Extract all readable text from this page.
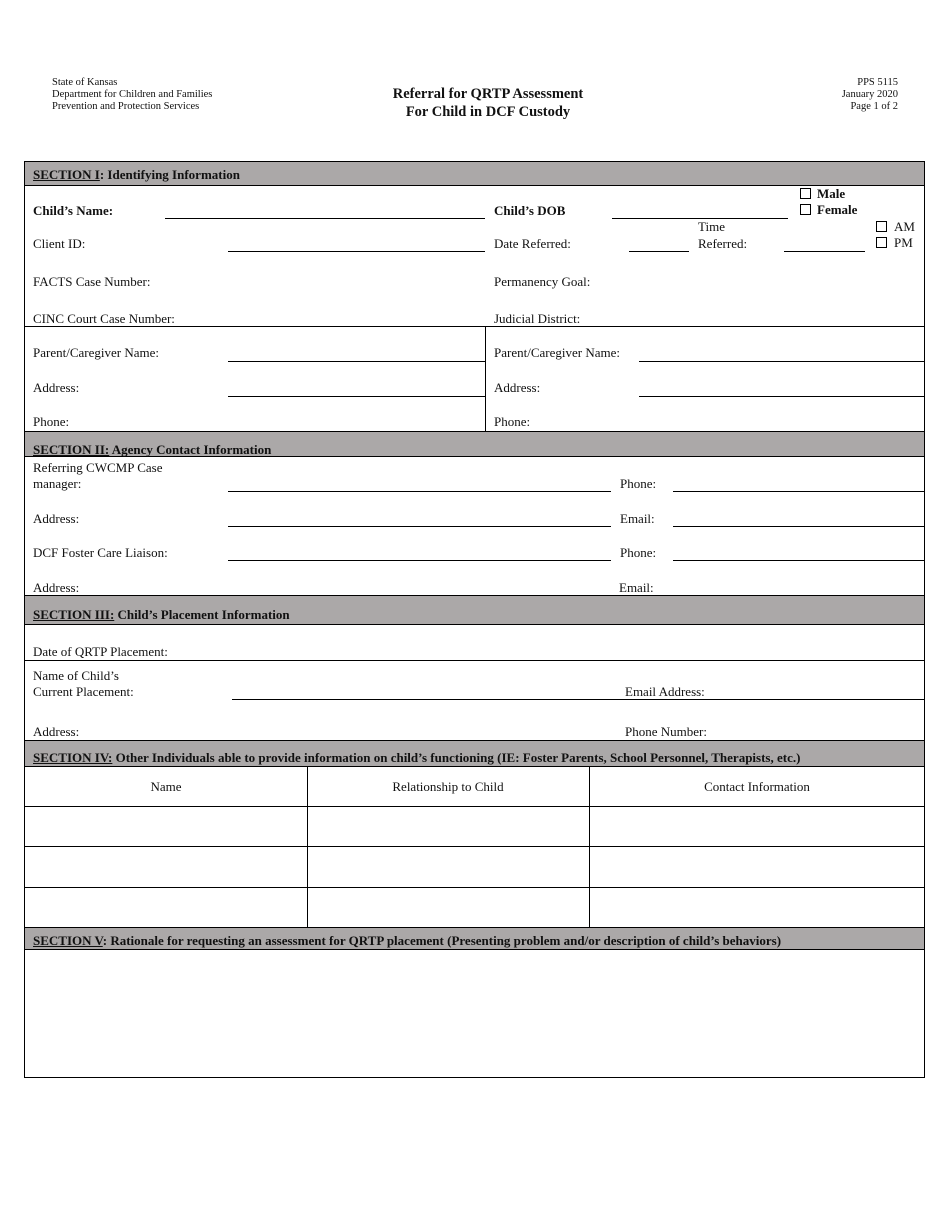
State of Kansas
Department for Children and Families
Prevention and Protection Services
Referral for QRTP Assessment
For Child in DCF Custody
PPS 5115
January 2020
Page 1 of 2
SECTION I: Identifying Information
Child’s Name:	Child’s DOB
Male
Female
Client ID:	Date Referred:
Time
Referred:
AM
PM
FACTS Case Number:	Permanency Goal:
CINC Court Case Number:	Judicial District:
Parent/Caregiver Name:	Parent/Caregiver Name:
Address:	Address:
Phone:	Phone:
SECTION II: Agency Contact Information
Referring CWCMP Case
manager:	Phone:
Address:	Email:
DCF Foster Care Liaison:	Phone:
Address:	Email:
SECTION III: Child’s Placement Information
Date of QRTP Placement:
Name of Child’s
Current Placement:	Email Address:
Address:	Phone Number:
SECTION IV: Other Individuals able to provide information on child’s functioning (IE: Foster Parents, School Personnel, Therapists, etc.)
Name	Relationship to Child	Contact Information
SECTION V: Rationale for requesting an assessment for QRTP placement (Presenting problem and/or description of child’s behaviors)
